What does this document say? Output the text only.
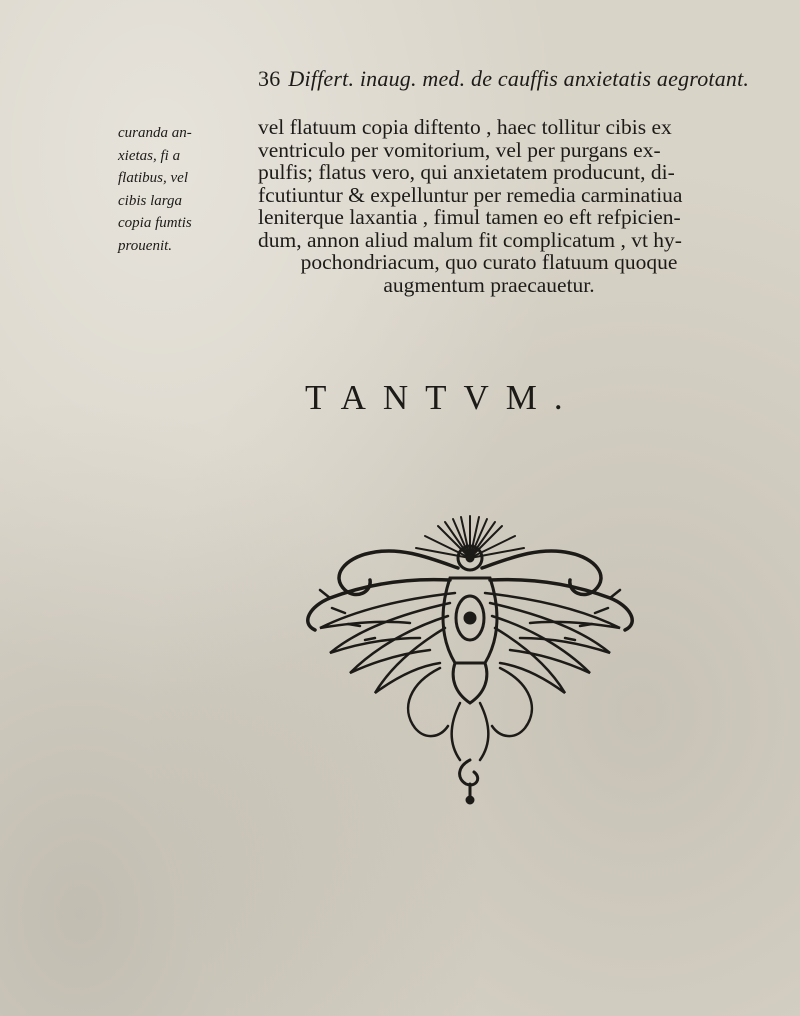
36 Differt. inaug. med. de cauffis anxietatis aegrotant.
curanda an-
xietas, fi a
flatibus, vel
cibis larga
copia fumtis
prouenit.
vel flatuum copia diftento , haec tollitur cibis ex
ventriculo per vomitorium, vel per purgans ex-
pulfis; flatus vero, qui anxietatem producunt, di-
fcutiuntur & expelluntur per remedia carminatiua
leniterque laxantia , fimul tamen eo eft refpicien-
dum, annon aliud malum fit complicatum , vt hy-
pochondriacum, quo curato flatuum quoque
augmentum praecauetur.
TANTVM.
